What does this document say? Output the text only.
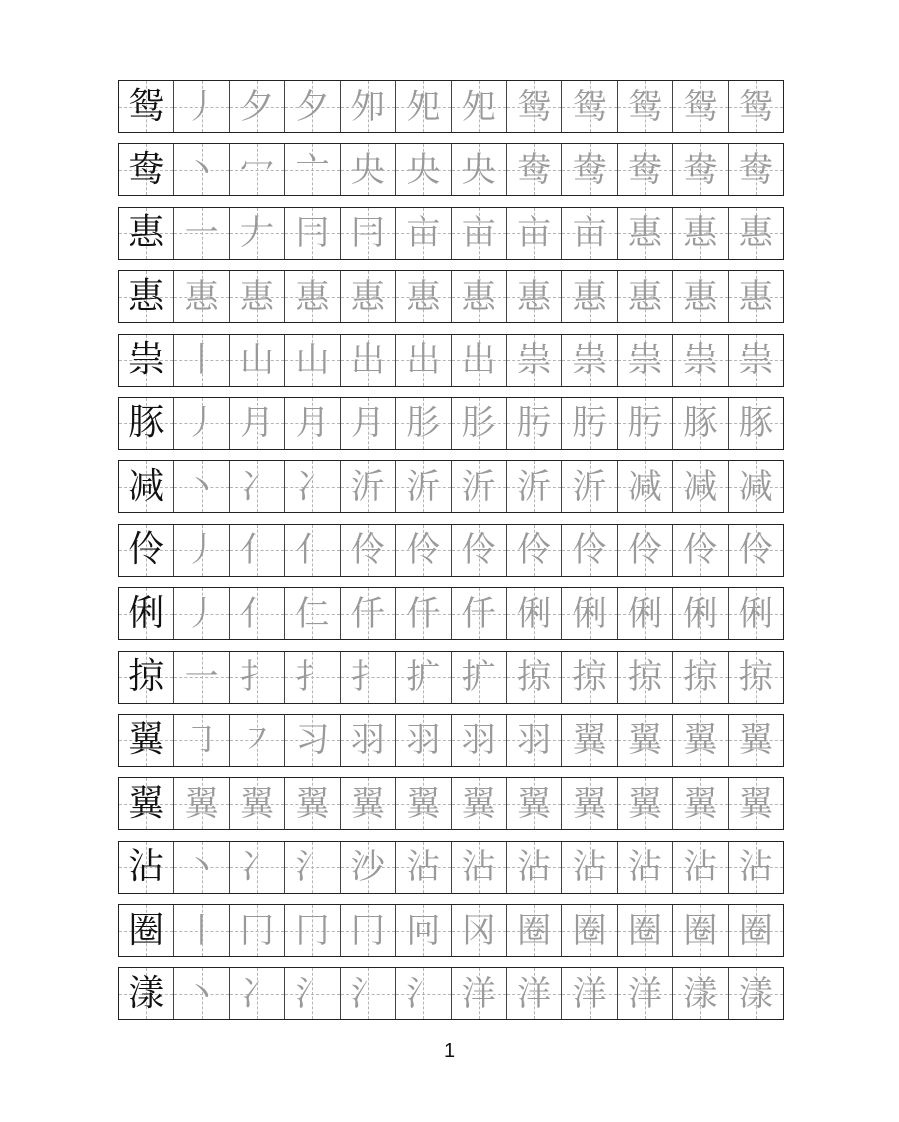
鸳 丿 夕 夕 夘 夗 夗 鸳 鸳 鸳 鸳 鸳
鸯 丶 冖 亠 央 央 央 鸯 鸯 鸯 鸯 鸯
惠 一 𠂇 冃 冃 亩 亩 亩 亩 惠 惠 惠
惠 惠 惠 惠 惠 惠 惠 惠 惠 惠 惠 惠
祟 丨 山 山 出 出 出 祟 祟 祟 祟 祟
豚 丿 月 月 月 肜 肜 肟 肟 肟 豚 豚
减 丶 冫 冫 沂 沂 沂 沂 沂 减 减 减
伶 丿 亻 亻 伶 伶 伶 伶 伶 伶 伶 伶
俐 丿 亻 仁 仟 仟 仟 俐 俐 俐 俐 俐
掠 一 扌 扌 扌 扩 扩 掠 掠 掠 掠 掠
翼 ㇆ ㇇ 习 羽 羽 羽 羽 翼 翼 翼 翼
翼 翼 翼 翼 翼 翼 翼 翼 翼 翼 翼 翼
沾 丶 冫 氵 沙 沾 沾 沾 沾 沾 沾 沾
圈 丨 冂 冂 冂 冋 冈 圈 圈 圈 圈 圈
漾 丶 冫 氵 氵 氵 洋 洋 洋 洋 漾 漾
1
